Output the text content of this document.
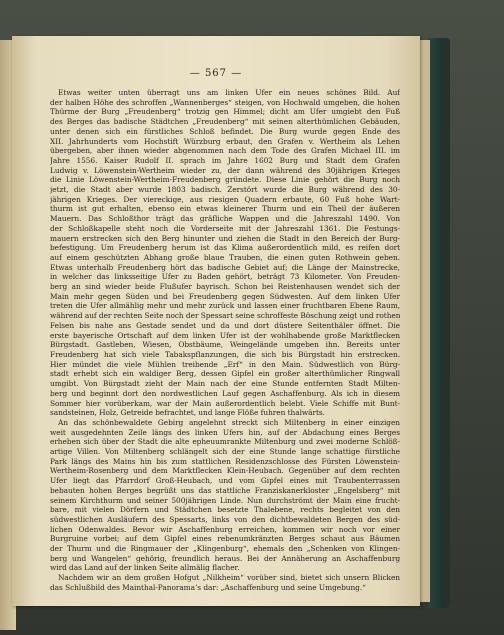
— 567 —
Etwas weiter unten überragt uns am linken Ufer ein neues schönes Bild. Auf
der halben Höhe des schroffen „Wannenberges“ steigen, von Hochwald umgeben, die hohen
Thürme der Burg „Freudenberg“ trotzig gen Himmel; dicht am Ufer umgiebt den Fuß
des Berges das badische Städtchen „Freudenberg“ mit seinen alterthümlichen Gebäuden,
unter denen sich ein fürstliches Schloß befindet. Die Burg wurde gegen Ende des
XII. Jahrhunderts vom Hochstift Würzburg erbaut, den Grafen v. Wertheim als Lehen
übergeben, aber ihnen wieder abgenommen nach dem Tode des Grafen Michael III. im
Jahre 1556. Kaiser Rudolf II. sprach im Jahre 1602 Burg und Stadt dem Grafen
Ludwig v. Löwenstein-Wertheim wieder zu, der dann während des 30jährigen Krieges
die Linie Löwenstein-Wertheim-Freudenberg gründete. Diese Linie gehört die Burg noch
jetzt, die Stadt aber wurde 1803 badisch. Zerstört wurde die Burg während des 30-
jährigen Krieges. Der viereckige, aus riesigen Quadern erbaute, 60 Fuß hohe Wart-
thurm ist gut erhalten, ebenso ein etwas kleinerer Thurm und ein Theil der äußeren
Mauern. Das Schloßthor trägt das gräfliche Wappen und die Jahreszahl 1490. Von
der Schloßkapelle steht noch die Vorderseite mit der Jahreszahl 1361. Die Festungs-
mauern erstrecken sich den Berg hinunter und ziehen die Stadt in den Bereich der Burg-
befestigung. Um Freudenberg herum ist das Klima außerordentlich mild, es reifen dort
auf einem geschützten Abhang große blaue Trauben, die einen guten Rothwein geben.
Etwas unterhalb Freudenberg hört das badische Gebiet auf; die Länge der Mainstrecke,
in welcher das linksseitige Ufer zu Baden gehört, beträgt 73 Kilometer. Von Freuden-
berg an sind wieder beide Flußufer bayrisch. Schon bei Reistenhausen wendet sich der
Main mehr gegen Süden und bei Freudenberg gegen Südwesten. Auf dem linken Ufer
treten die Ufer allmählig mehr und mehr zurück und lassen einer fruchtbaren Ebene Raum,
während auf der rechten Seite noch der Spessart seine schroffeste Böschung zeigt und rothen
Felsen bis nahe ans Gestade sendet und da und dort düstere Seitenthäler öffnet. Die
erste bayerische Ortschaft auf dem linken Ufer ist der wohlhabende große Marktflecken
Bürgstadt. Gastleben, Wiesen, Obstbäume, Weingelände umgeben ihn. Bereits unter
Freudenberg hat sich viele Tabakspflanzungen, die sich bis Bürgstadt hin erstrecken.
Hier mündet die viele Mühlen treibende „Erf“ in den Main. Südwestlich von Bürg-
stadt erhebt sich ein waldiger Berg, dessen Gipfel ein großer alterthümlicher Ringwall
umgibt. Von Bürgstadt zieht der Main nach der eine Stunde entfernten Stadt Milten-
berg und beginnt dort den nordwestlichen Lauf gegen Aschaffenburg. Als ich in diesem
Sommer hier vorüberkam, war der Main außerordentlich belebt. Viele Schiffe mit Bunt-
sandsteinen, Holz, Getreide befrachtet, und lange Flöße fuhren thalwärts.
An das schönbewaldete Gebirg angelehnt streckt sich Miltenberg in einer einzigen
weit ausgedehnten Zeile längs des linken Ufers hin, auf der Abdachung eines Berges
erheben sich über der Stadt die alte epheuumrankte Miltenburg und zwei moderne Schlöß-
artige Villen. Von Miltenberg schlängelt sich der eine Stunde lange schattige fürstliche
Park längs des Mains hin bis zum stattlichen Residenzschlosse des Fürsten Löwenstein-
Wertheim-Rosenberg und dem Marktflecken Klein-Heubach. Gegenüber auf dem rechten
Ufer liegt das Pfarrdorf Groß-Heubach, und vom Gipfel eines mit Traubenterrassen
bebauten hohen Berges begrüßt uns das stattliche Franziskanerkloster „Engelsberg“ mit
seinem Kirchthurm und seiner 500jährigen Linde. Nun durchströmt der Main eine frucht-
bare, mit vielen Dörfern und Städtchen besetzte Thalebene, rechts begleitet von den
südwestlichen Ausläufern des Spessarts, links von den dichtbewaldeten Bergen des süd-
lichen Odenwaldes. Bevor wir Aschaffenburg erreichen, kommen wir noch vor einer
Burgruine vorbei; auf dem Gipfel eines rebenumkränzten Berges schaut aus Bäumen
der Thurm und die Ringmauer der „Klingenburg“, ehemals den „Schenken von Klingen-
berg und Wangelen“ gehörig, freundlich heraus. Bei der Annäherung an Aschaffenburg
wird das Land auf der linken Seite allmälig flacher.
Nachdem wir an dem großen Hofgut „Nilkheim“ vorüber sind, bietet sich unsern Blicken
das Schlußbild des Mainthal-Panorama’s dar: „Aschaffenburg und seine Umgebung.“
